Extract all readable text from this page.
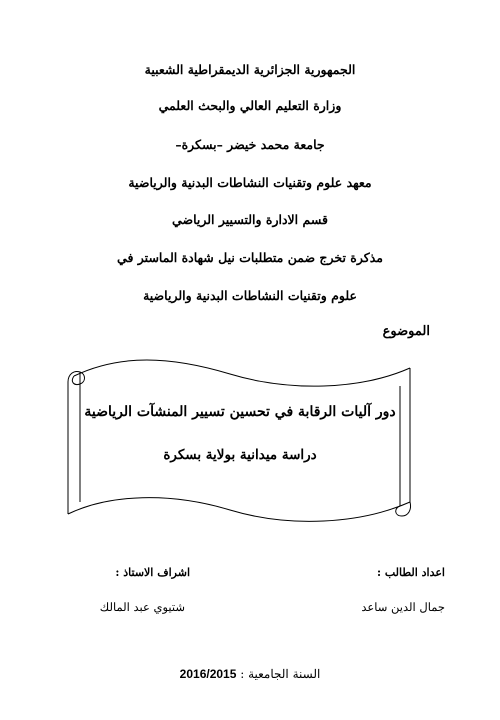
الجمهورية الجزائرية الديمقراطية الشعبية
وزارة التعليم العالي والبحث العلمي
جامعة محمد خيضر –بسكرة–
معهد علوم وتقنيات النشاطات البدنية والرياضية
قسم الادارة والتسيير الرياضي
مذكرة تخرج ضمن متطلبات نيل شهادة الماستر في
علوم وتقنيات النشاطات البدنية والرياضية
الموضوع
دور آليات الرقابة في تحسين تسيير المنشآت الرياضية
دراسة ميدانية بولاية بسكرة
اعداد الطالب :
اشراف الاستاذ :
جمال الدين ساعد
شتيوي عبد المالك
السنة الجامعية : 2016/2015
